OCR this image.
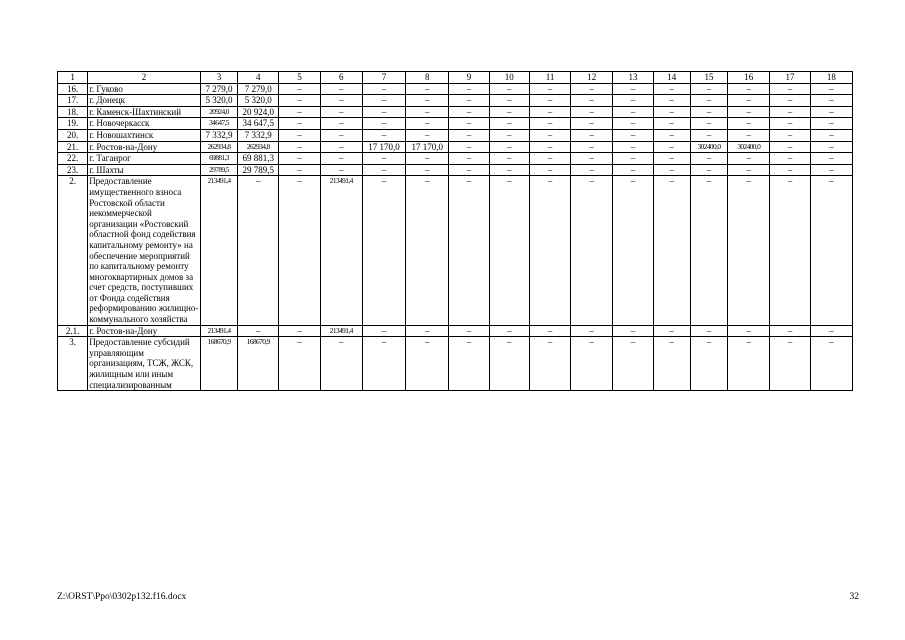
1	2	3	4	5	6	7	8	9	10	11	12	13	14	15	16	17	18
16.	г. Гуково	7 279,0	7 279,0	–	–	–	–	–	–	–	–	–	–	–	–	–	–
17.	г. Донецк	5 320,0	5 320,0	–	–	–	–	–	–	–	–	–	–	–	–	–	–
18.	г. Каменск-Шахтинский	20924,0	20 924,0	–	–	–	–	–	–	–	–	–	–	–	–	–	–
19.	г. Новочеркасск	34647,5	34 647,5	–	–	–	–	–	–	–	–	–	–	–	–	–	–
20.	г. Новошахтинск	7 332,9	7 332,9	–	–	–	–	–	–	–	–	–	–	–	–	–	–
21.	г. Ростов-на-Дону	262934,8	262934,8	–	–	17 170,0	17 170,0	–	–	–	–	–	–	302400,0	302400,0	–	–
22.	г. Таганрог	69881,3	69 881,3	–	–	–	–	–	–	–	–	–	–	–	–	–	–
23.	г. Шахты	29789,5	29 789,5	–	–	–	–	–	–	–	–	–	–	–	–	–	–
2.	Предоставление имущественного взноса Ростовской области некоммерческой организации «Ростовский областной фонд содействия капитальному ремонту» на обеспечение мероприятий по капитальному ремонту многоквартирных домов за счет средств, поступивших от Фонда содействия реформированию жилищно-коммунального хозяйства	213491,4	–	–	213491,4	–	–	–	–	–	–	–	–	–	–	–	–
2.1.	г. Ростов-на-Дону	213491,4	–	–	213491,4	–	–	–	–	–	–	–	–	–	–	–	–
3.	Предоставление субсидий управляющим организациям, ТСЖ, ЖСК, жилищным или иным специализированным	168670,9	168670,9	–	–	–	–	–	–	–	–	–	–	–	–	–	–
Z:\ORST\Ppo\0302p132.f16.docx	32
